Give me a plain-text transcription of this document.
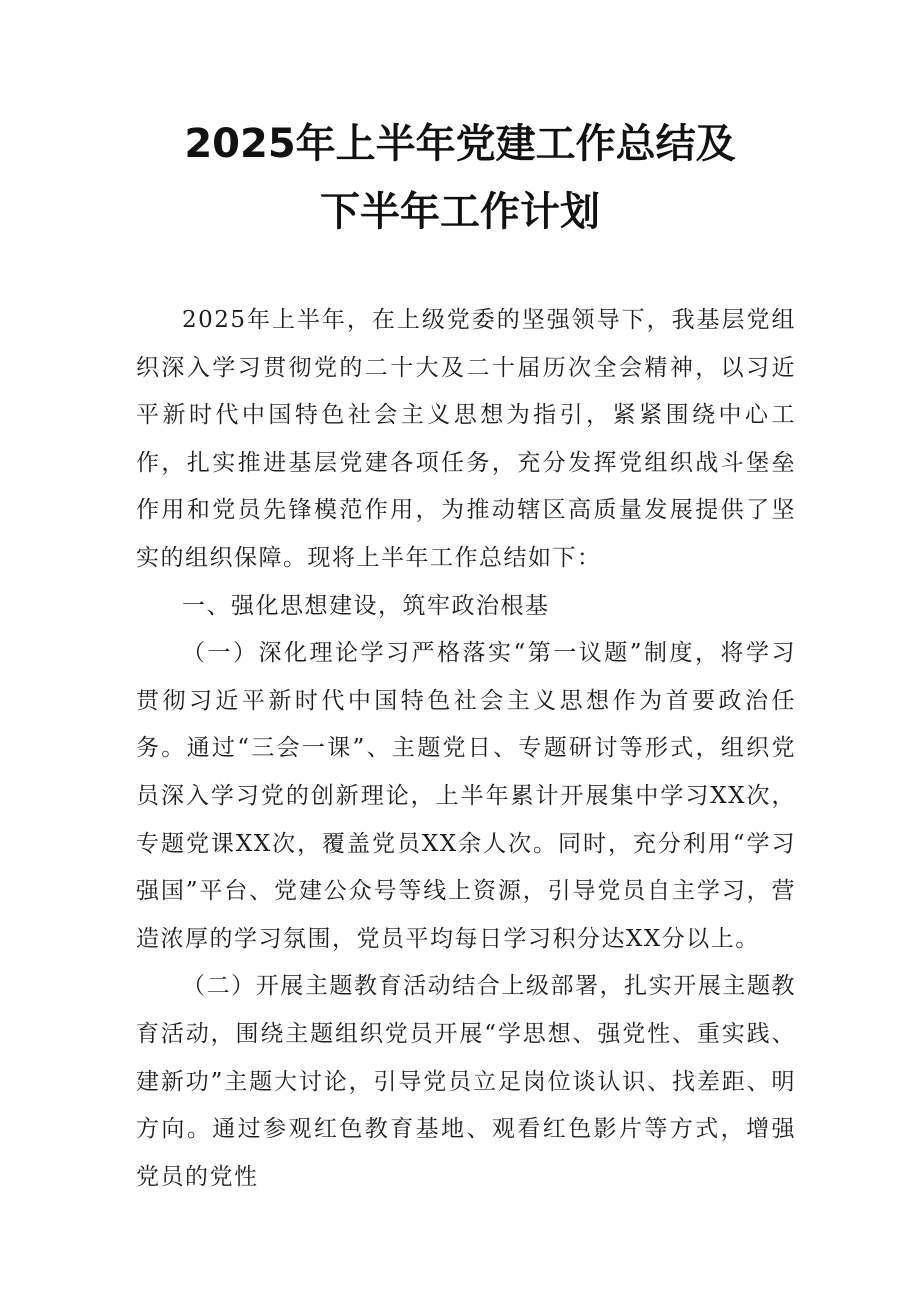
2025年上半年党建工作总结及
下半年工作计划

2025年上半年，在上级党委的坚强领导下，我基层党组织深入学习贯彻党的二十大及二十届历次全会精神，以习近平新时代中国特色社会主义思想为指引，紧紧围绕中心工作，扎实推进基层党建各项任务，充分发挥党组织战斗堡垒作用和党员先锋模范作用，为推动辖区高质量发展提供了坚实的组织保障。现将上半年工作总结如下：

一、强化思想建设，筑牢政治根基

（一）深化理论学习严格落实“第一议题”制度，将学习贯彻习近平新时代中国特色社会主义思想作为首要政治任务。通过“三会一课”、主题党日、专题研讨等形式，组织党员深入学习党的创新理论，上半年累计开展集中学习XX次，专题党课XX次，覆盖党员XX余人次。同时，充分利用“学习强国”平台、党建公众号等线上资源，引导党员自主学习，营造浓厚的学习氛围，党员平均每日学习积分达XX分以上。

（二）开展主题教育活动结合上级部署，扎实开展主题教育活动，围绕主题组织党员开展“学思想、强党性、重实践、建新功”主题大讨论，引导党员立足岗位谈认识、找差距、明方向。通过参观红色教育基地、观看红色影片等方式，增强党员的党性
